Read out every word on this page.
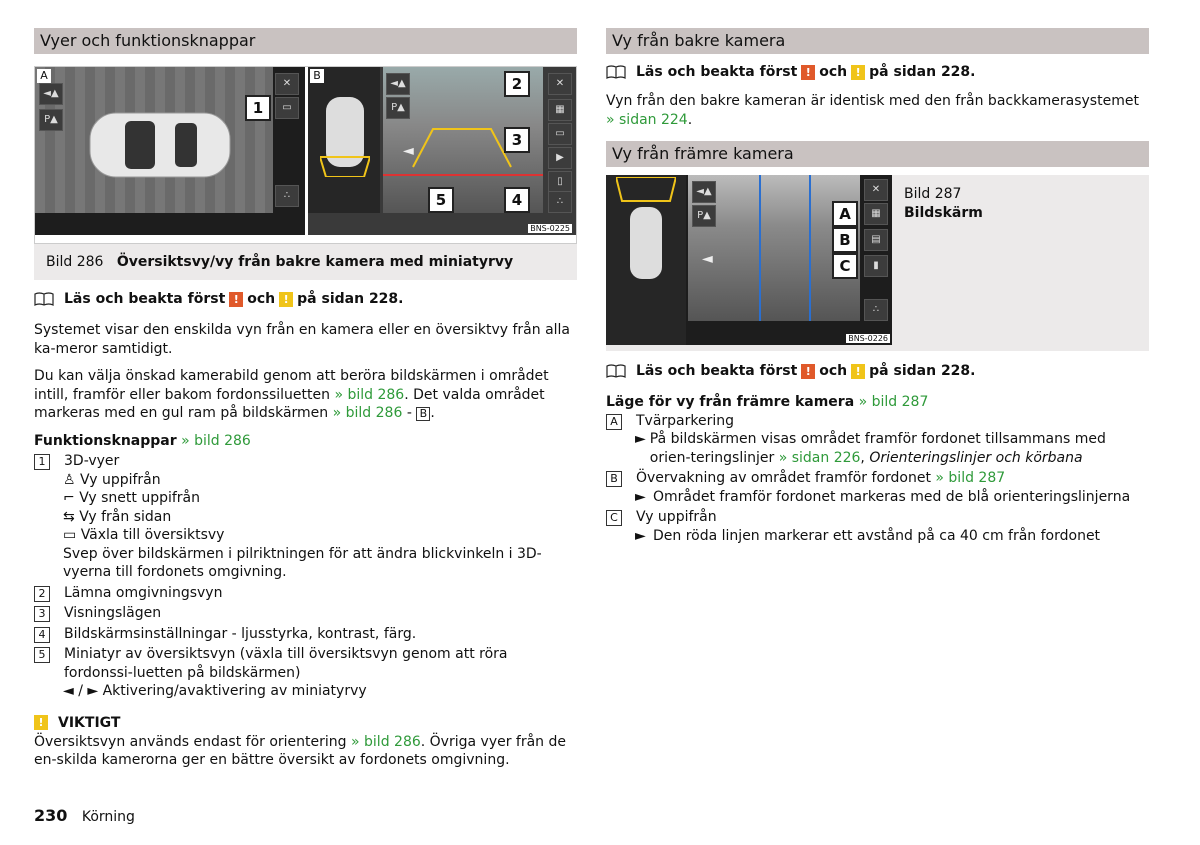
Vyer och funktionsknappar
A
◄▲
P▲
✕
▭
∴
1
B
◄▲
P▲
✕
▦
▭
▶
▯
∴
◄
2
3
4
5
BNS-0225
Bild 286 Översiktsvy/vy från bakre kamera med miniatyrvy
Läs och beakta först ! och ! på sidan 228.

Systemet visar den enskilda vyn från en kamera eller en översiktvy från alla ka-meror samtidigt.

Du kan välja önskad kamerabild genom att beröra bildskärmen i området intill, framför eller bakom fordonssiluetten » bild 286. Det valda området markeras med en gul ram på bildskärmen » bild 286 - B .

Funktionsknappar » bild 286

1	3D-vyer

♙ Vy uppifrån
⌐ Vy snett uppifrån
⇆ Vy från sidan
▭ Växla till översiktsvy
Svep över bildskärmen i pilriktningen för att ändra blickvinkeln i 3D-vyerna till fordonets omgivning.
2	Lämna omgivningsvyn

3	Visningslägen

4	Bildskärmsinställningar - ljusstyrka, kontrast, färg.

5	Miniatyr av översiktsvyn (växla till översiktsvyn genom att röra fordonssi-luetten på bildskärmen)

◄ / ► Aktivering/avaktivering av miniatyrvy
!	VIKTIGT

Översiktsvyn används endast för orientering » bild 286. Övriga vyer från de en-skilda kamerorna ger en bättre översikt av fordonets omgivning.

Vy från bakre kamera
Läs och beakta först ! och ! på sidan 228.

Vyn från den bakre kameran är identisk med den från backkamerasystemet » sidan 224.

Vy från främre kamera
◄
◄▲
P▲
✕
▦
▤
▮
∴
A
B
C
BNS-0226
Bild 287
Bildskärm
Läs och beakta först ! och ! på sidan 228.

Läge för vy från främre kamera » bild 287

A	Tvärparkering

► På bildskärmen visas området framför fordonet tillsammans med orien-teringslinjer » sidan 226, Orienteringslinjer och körbana
B	Övervakning av området framför fordonet » bild 287

► Området framför fordonet markeras med de blå orienteringslinjerna
C Vy uppifrån

► Den röda linjen markerar ett avstånd på ca 40 cm från fordonet
230 Körning
